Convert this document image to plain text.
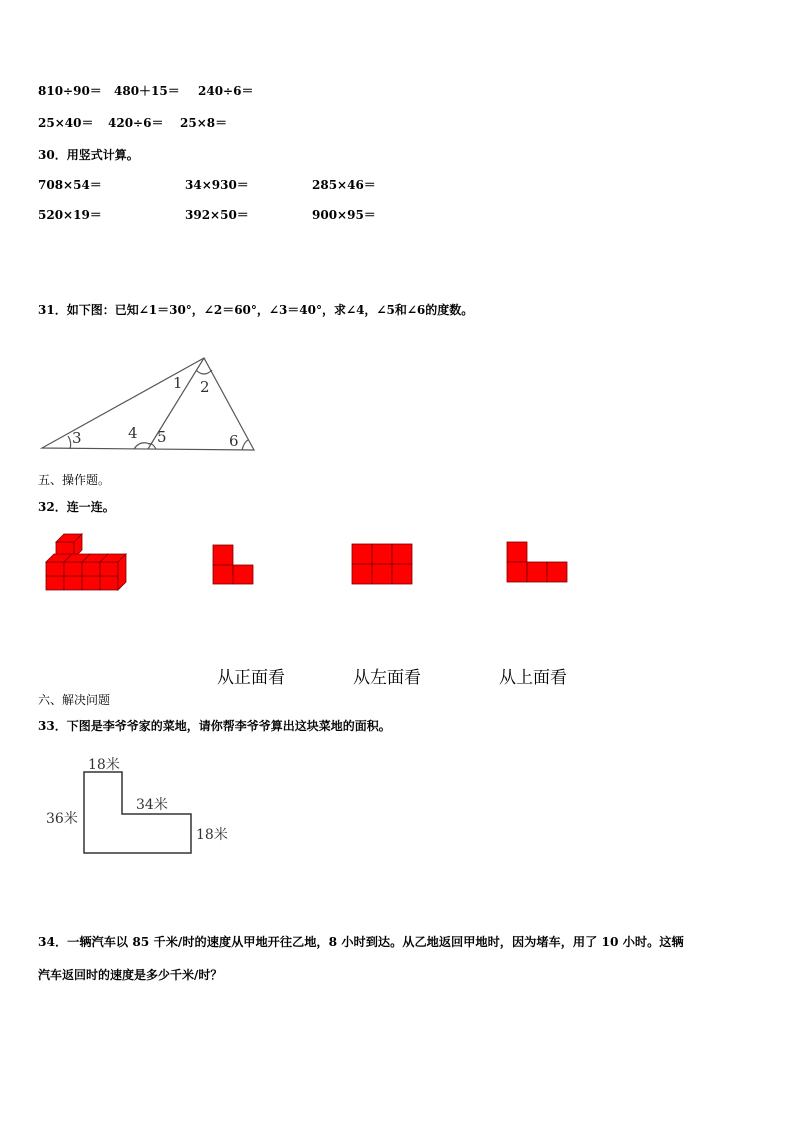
810÷90＝ 480＋15＝ 240÷6＝
25×40＝ 420÷6＝ 25×8＝
30．用竖式计算。
708×54＝	34×930＝	285×46＝
520×19＝	392×50＝	900×95＝
31．如下图：已知∠1＝30°，∠2＝60°，∠3＝40°，求∠4，∠5和∠6的度数。
1 2
3	4 5	6
五、操作题。
32．连一连。
从正面看	从左面看	从上面看
六、解决问题
33．下图是李爷爷家的菜地，请你帮李爷爷算出这块菜地的面积。
18米
36米
34米
18米
34．一辆汽车以 85 千米/时的速度从甲地开往乙地，8 小时到达。从乙地返回甲地时，因为堵车，用了 10 小时。这辆
汽车返回时的速度是多少千米/时？
